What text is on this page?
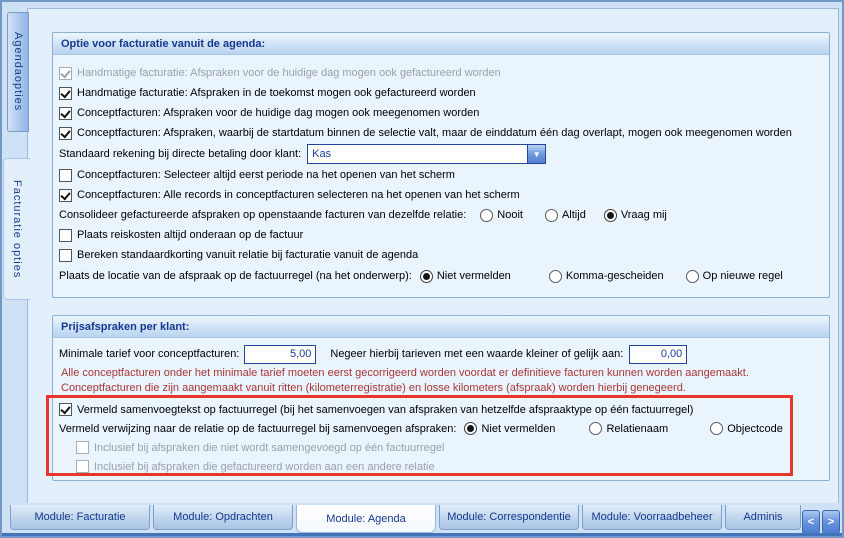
Agendaopties
Facturatie opties
Optie voor facturatie vanuit de agenda:
Handmatige facturatie: Afspraken voor de huidige dag mogen ook gefactureerd worden
Handmatige facturatie: Afspraken in de toekomst mogen ook gefactureerd worden
Conceptfacturen: Afspraken voor de huidige dag mogen ook meegenomen worden
Conceptfacturen: Afspraken, waarbij de startdatum binnen de selectie valt, maar de einddatum één dag overlapt, mogen ook meegenomen worden
Standaard rekening bij directe betaling door klant:	Kas	▼
Conceptfacturen: Selecteer altijd eerst periode na het openen van het scherm
Conceptfacturen: Alle records in conceptfacturen selecteren na het openen van het scherm
Consolideer gefactureerde afspraken op openstaande facturen van dezelfde relatie:	Nooit	Altijd	Vraag mij
Plaats reiskosten altijd onderaan op de factuur
Bereken standaardkorting vanuit relatie bij facturatie vanuit de agenda
Plaats de locatie van de afspraak op de factuurregel (na het onderwerp): Niet vermelden	Komma-gescheiden	Op nieuwe regel
Prijsafspraken per klant:
Minimale tarief voor conceptfacturen:
5,00	Negeer hierbij tarieven met een waarde kleiner of gelijk aan:
0,00
Alle conceptfacturen onder het minimale tarief moeten eerst gecorrigeerd worden voordat er definitieve facturen kunnen worden aangemaakt.
Conceptfacturen die zijn aangemaakt vanuit ritten (kilometerregistratie) en losse kilometers (afspraak) worden hierbij genegeerd.
Vermeld samenvoegtekst op factuurregel (bij het samenvoegen van afspraken van hetzelfde afspraaktype op één factuurregel)
Vermeld verwijzing naar de relatie op de factuurregel bij samenvoegen afspraken: Niet vermelden	Relatienaam	Objectcode
Inclusief bij afspraken die niet wordt samengevoegd op één factuurregel
Inclusief bij afspraken die gefactureerd worden aan een andere relatie
Module: Facturatie	Module: Opdrachten	Module: Agenda	Module: Correspondentie Module: Voorraadbeheer	Adminis < >
